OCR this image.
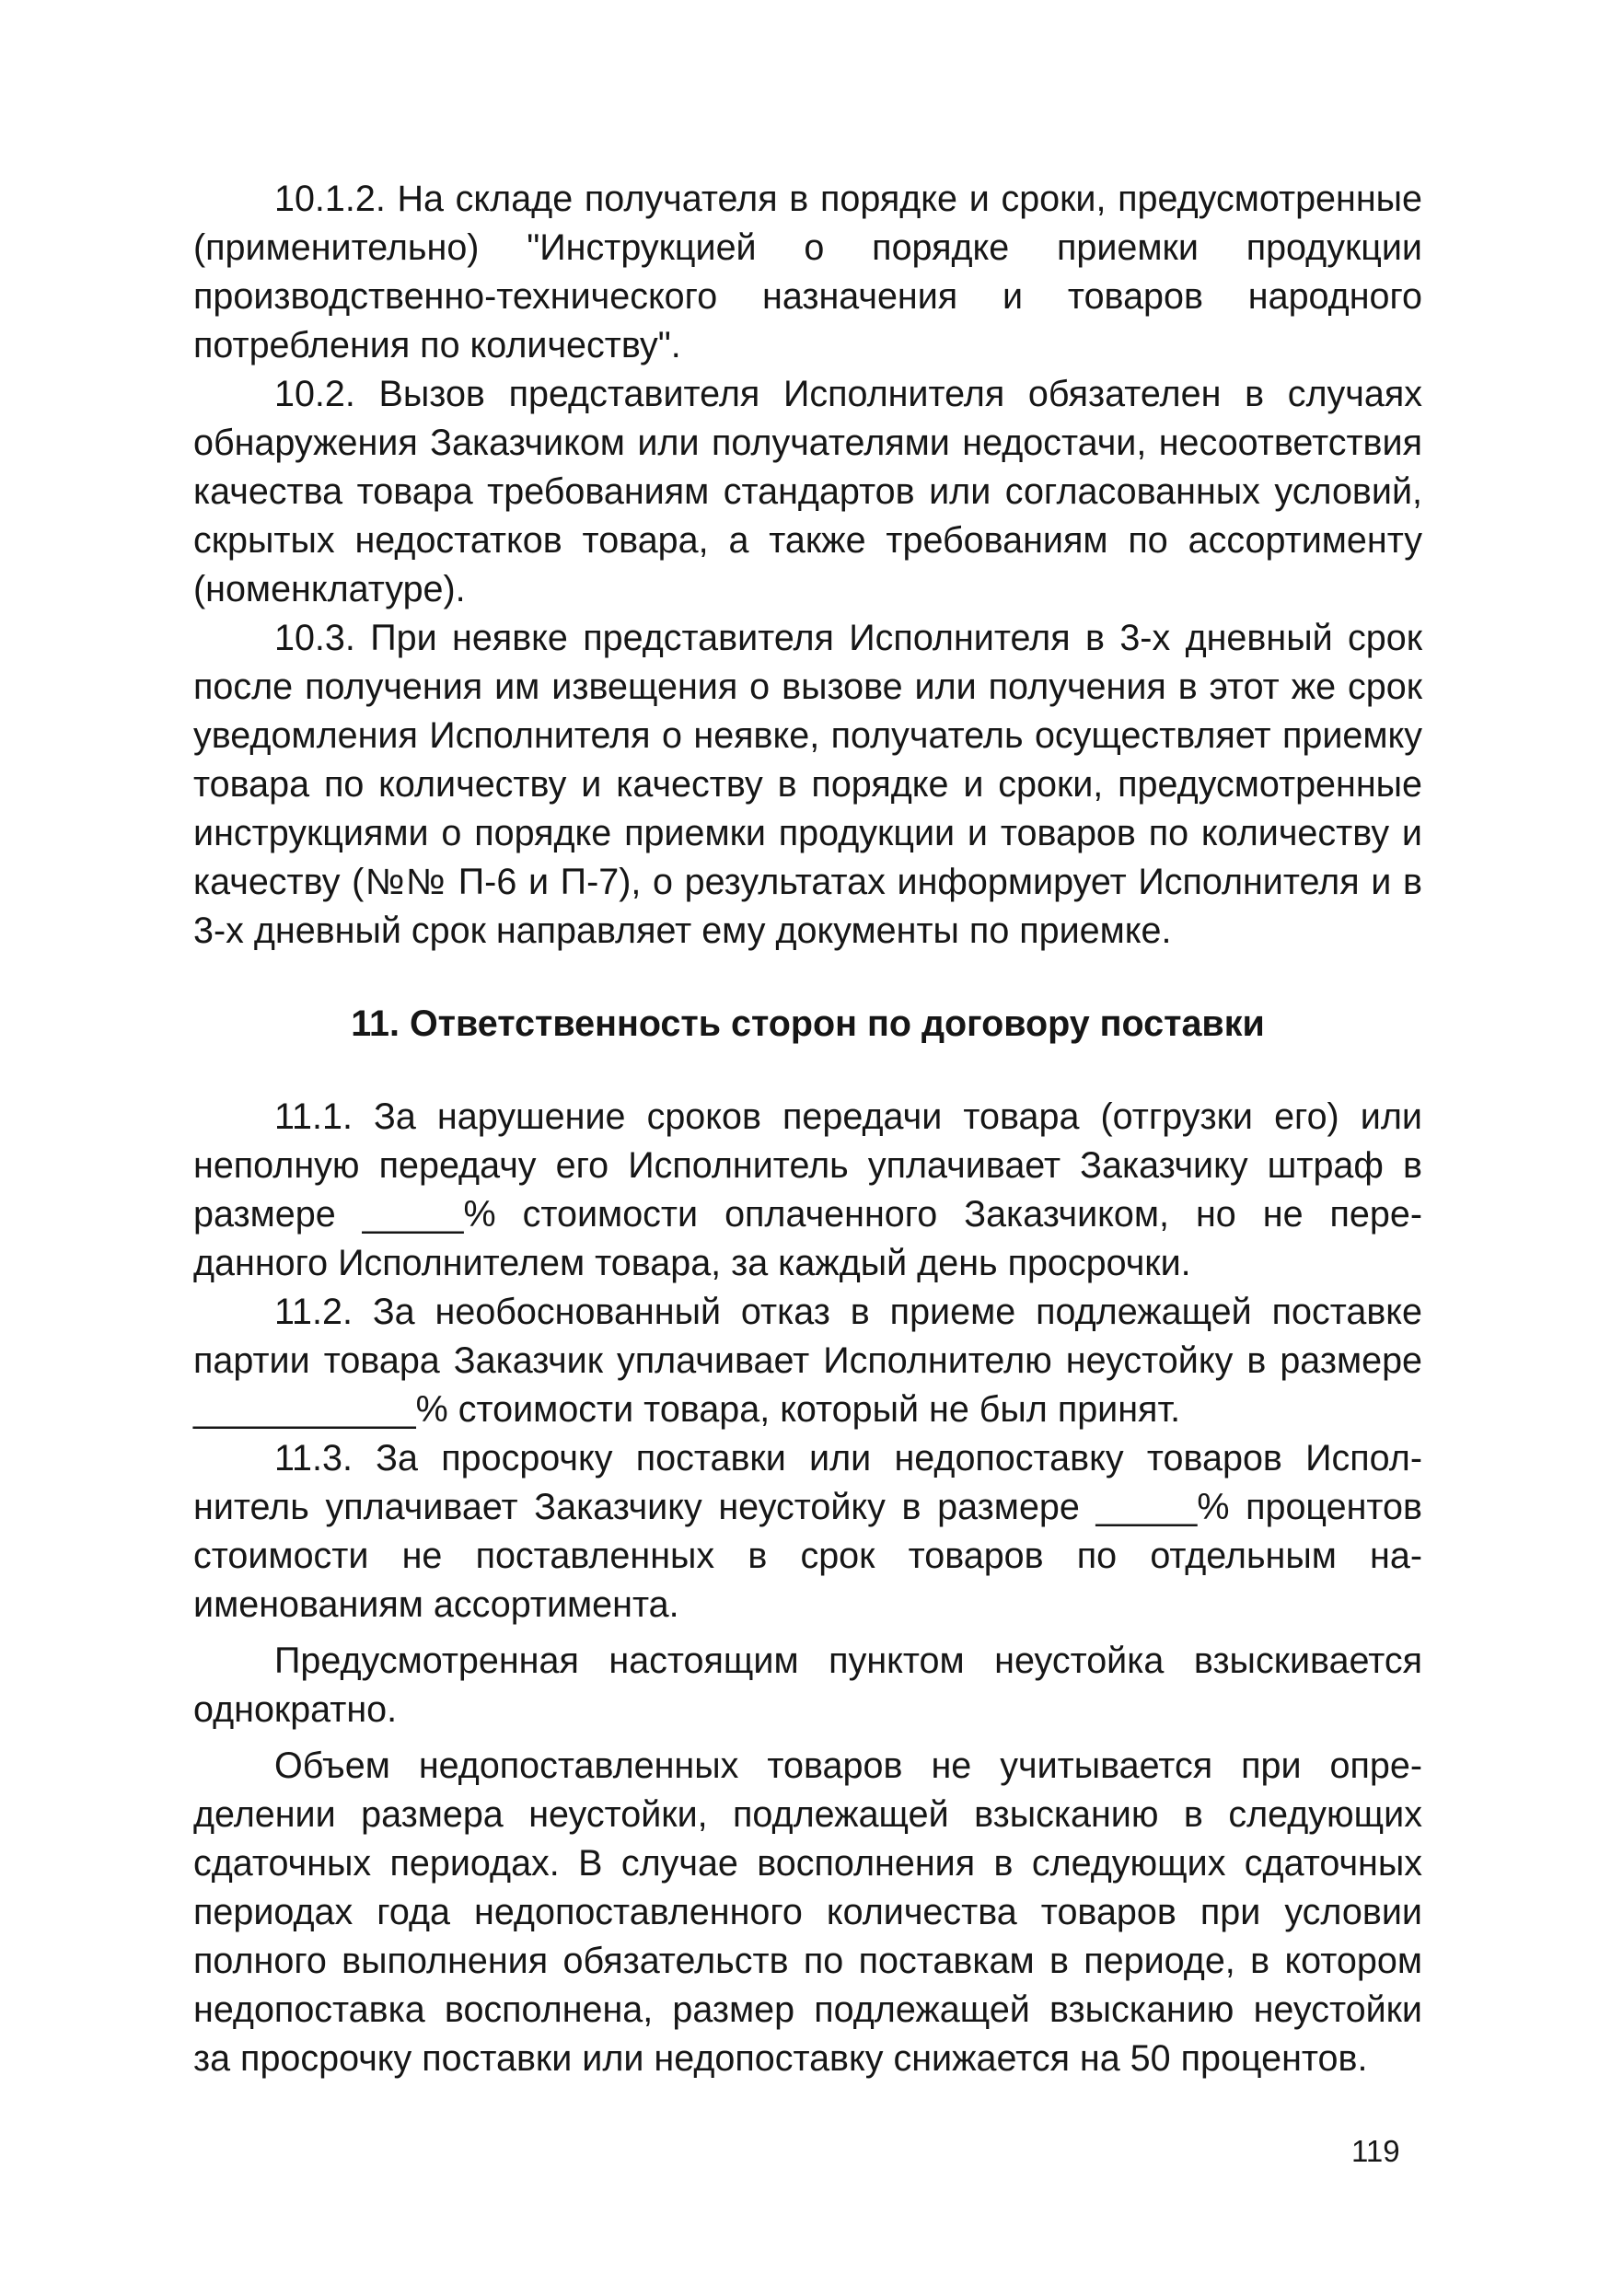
10.1.2. На складе получателя в порядке и сроки, предусмотренные (применительно) "Инструкцией о порядке приемки продукции производственно-технического назначения и товаров народного потребления по количеству".

10.2. Вызов представителя Исполнителя обязателен в случаях обнаружения Заказчиком или получателями недостачи, несоответствия качества товара требованиям стандартов или согласованных условий, скрытых недостатков товара, а также требованиям по ассортименту (номенклатуре).

10.3. При неявке представителя Исполнителя в 3-х дневный срок после получения им извещения о вызове или получения в этот же срок уведомления Исполнителя о неявке, получатель осуществляет приемку товара по количеству и качеству в порядке и сроки, предусмотренные инструкциями о порядке приемки продукции и товаров по количеству и качеству (№№ П-6 и П-7), о результатах информирует Исполнителя и в 3-х дневный срок направляет ему документы по приемке.

11. Ответственность сторон по договору поставки

11.1. За нарушение сроков передачи товара (отгрузки его) или неполную передачу его Исполнитель уплачивает Заказчику штраф в размере _____% стоимости оплаченного Заказчиком, но не переданного Исполнителем товара, за каждый день просрочки.

11.2. За необоснованный отказ в приеме подлежащей поставке партии товара Заказчик уплачивает Исполнителю неустойку в размере ___________% стоимости товара, который не был принят.

11.3. За просрочку поставки или недопоставку товаров Исполнитель уплачивает Заказчику неустойку в размере _____% процентов стоимости не поставленных в срок товаров по отдельным наименованиям ассортимента.

Предусмотренная настоящим пунктом неустойка взыскивается однократно.

Объем недопоставленных товаров не учитывается при определении размера неустойки, подлежащей взысканию в следующих сдаточных периодах. В случае восполнения в следующих сдаточных периодах года недопоставленного количества товаров при условии полного выполнения обязательств по поставкам в периоде, в котором недопоставка восполнена, размер подлежащей взысканию неустойки за просрочку поставки или недопоставку снижается на 50 процентов.

119
